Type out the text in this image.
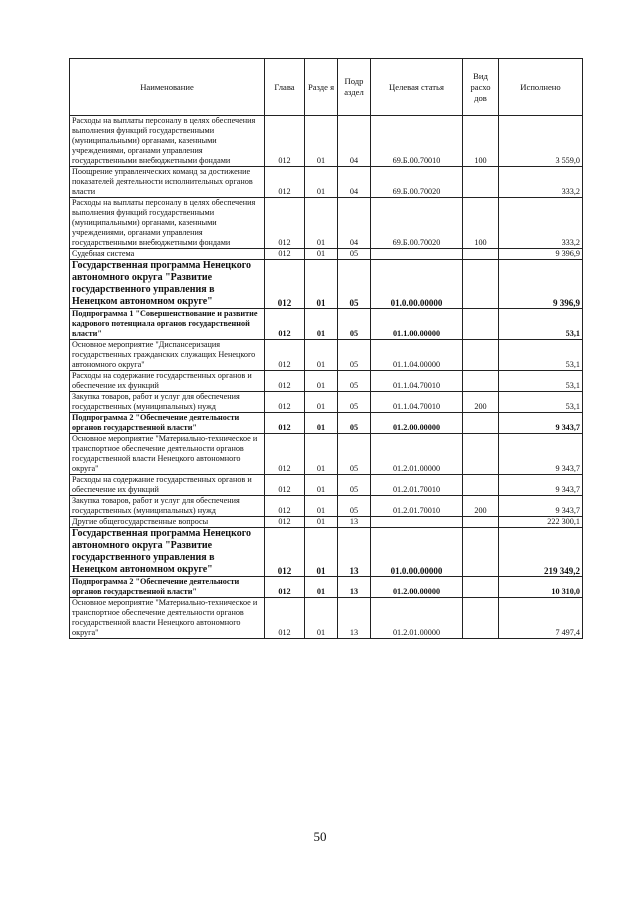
Наименование	Глава	Разде я	Подр аздел	Целевая статья	Вид расхо дов	Исполнено
Расходы на выплаты персоналу в целях обеспечения выполнения функций государственными (муниципальными) органами, казенными учреждениями, органами управления государственными внебюджетными фондами	012	01	04	69.Б.00.70010	100	3 559,0
Поощрение управленческих команд за достижение показателей деятельности исполнительных органов власти	012	01	04	69.Б.00.70020		333,2
Расходы на выплаты персоналу в целях обеспечения выполнения функций государственными (муниципальными) органами, казенными учреждениями, органами управления государственными внебюджетными фондами	012	01	04	69.Б.00.70020	100	333,2
Судебная система	012	01	05			9 396,9
Государственная программа Ненецкого автономного округа "Развитие государственного управления в Ненецком автономном округе"	012	01	05	01.0.00.00000		9 396,9
Подпрограмма 1 "Совершенствование и развитие кадрового потенциала органов государственной власти"	012	01	05	01.1.00.00000		53,1
Основное мероприятие "Диспансеризация государственных гражданских служащих Ненецкого автономного округа"	012	01	05	01.1.04.00000		53,1
Расходы на содержание государственных органов и обеспечение их функций	012	01	05	01.1.04.70010		53,1
Закупка товаров, работ и услуг для обеспечения государственных (муниципальных) нужд	012	01	05	01.1.04.70010	200	53,1
Подпрограмма 2 "Обеспечение деятельности органов государственной власти"	012	01	05	01.2.00.00000		9 343,7
Основное мероприятие "Материально-техническое и транспортное обеспечение деятельности органов государственной власти Ненецкого автономного округа"	012	01	05	01.2.01.00000		9 343,7
Расходы на содержание государственных органов и обеспечение их функций	012	01	05	01.2.01.70010		9 343,7
Закупка товаров, работ и услуг для обеспечения государственных (муниципальных) нужд	012	01	05	01.2.01.70010	200	9 343,7
Другие общегосударственные вопросы	012	01	13			222 300,1
Государственная программа Ненецкого автономного округа "Развитие государственного управления в Ненецком автономном округе"	012	01	13	01.0.00.00000		219 349,2
Подпрограмма 2 "Обеспечение деятельности органов государственной власти"	012	01	13	01.2.00.00000		10 310,0
Основное мероприятие "Материально-техническое и транспортное обеспечение деятельности органов государственной власти Ненецкого автономного округа"	012	01	13	01.2.01.00000		7 497,4
50
